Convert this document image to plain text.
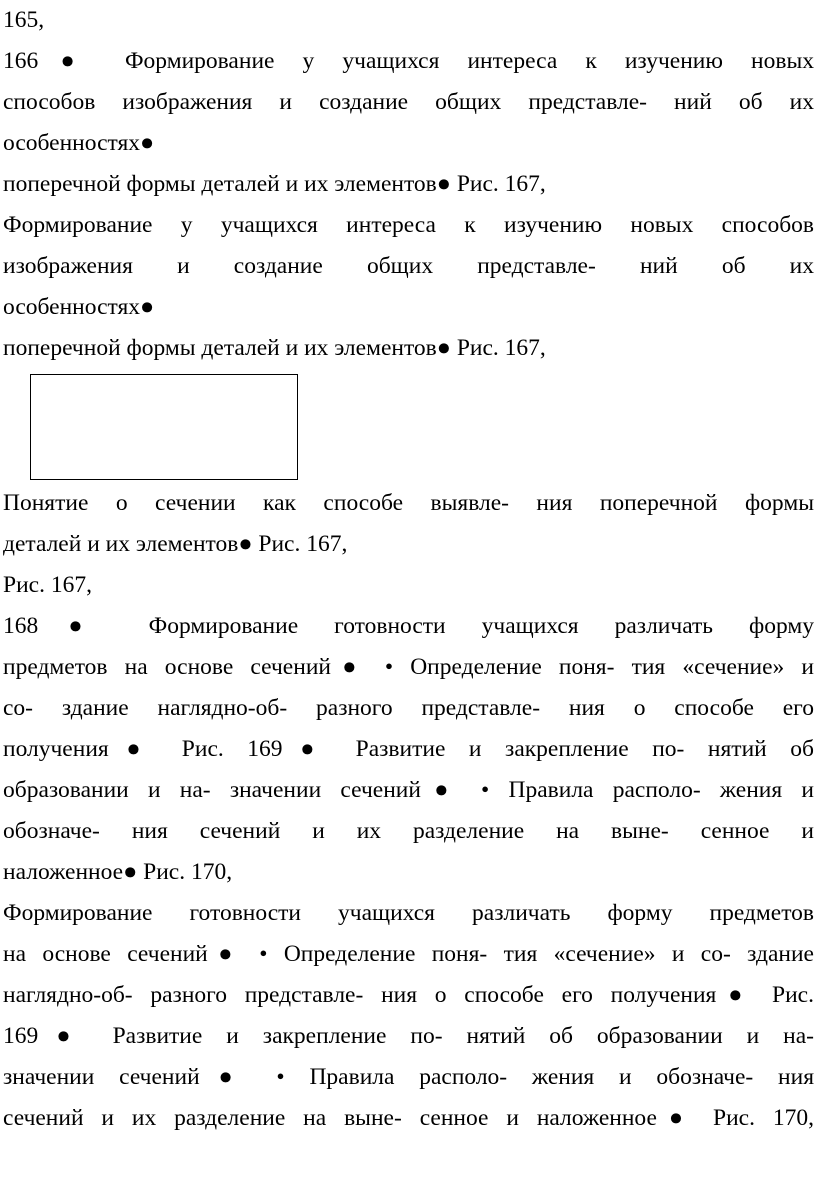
165,
166● Формирование у учащихся интереса к изучению новых
способов изображения и создание общих представле- ний об их
особенностях●
поперечной формы деталей и их элементов● Рис. 167,
Формирование у учащихся интереса к изучению новых способов
изображения и создание общих представле- ний об их
особенностях●
поперечной формы деталей и их элементов● Рис. 167,
Понятие о сечении как способе выявле- ния поперечной формы
деталей и их элементов● Рис. 167,
Рис. 167,
168● Формирование готовности учащихся различать форму
предметов на основе сечений● • Определение поня- тия «сечение» и
со- здание наглядно-об- разного представле- ния о способе его
получения● Рис. 169● Развитие и закрепление по- нятий об
образовании и на- значении сечений● • Правила располо- жения и
обозначе- ния сечений и их разделение на выне- сенное и
наложенное● Рис. 170,
Формирование готовности учащихся различать форму предметов
на основе сечений● • Определение поня- тия «сечение» и со- здание
наглядно-об- разного представле- ния о способе его получения● Рис.
169● Развитие и закрепление по- нятий об образовании и на-
значении сечений● • Правила располо- жения и обозначе- ния
сечений и их разделение на выне- сенное и наложенное● Рис. 170,
